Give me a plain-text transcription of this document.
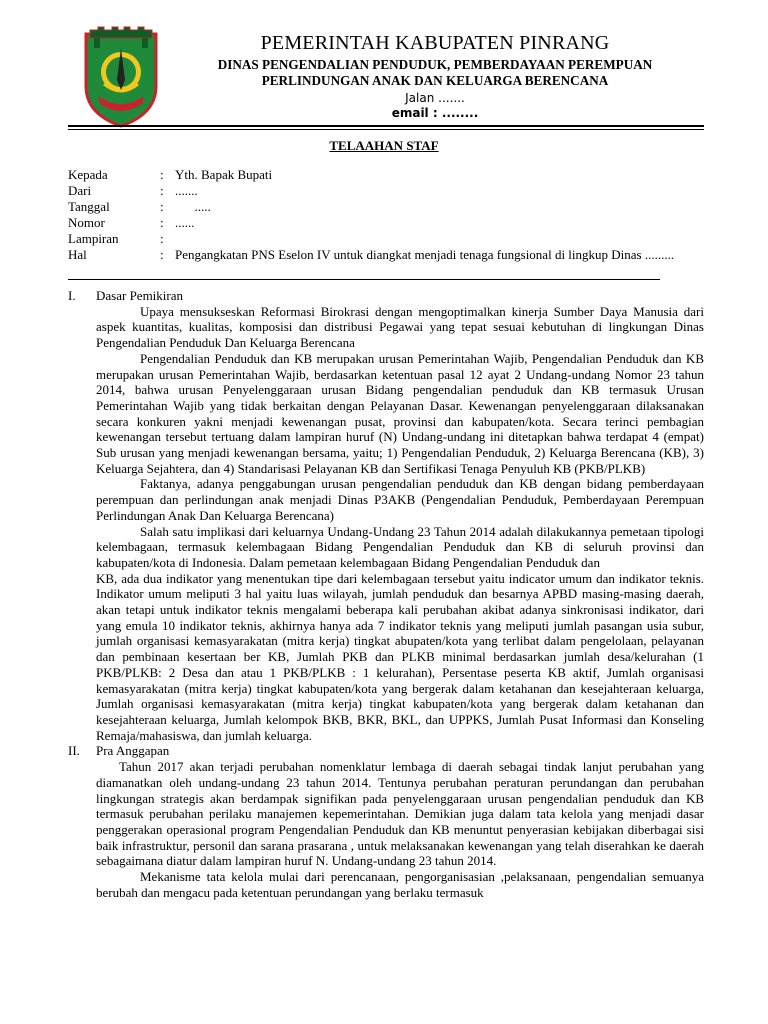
PEMERINTAH KABUPATEN PINRANG
DINAS PENGENDALIAN PENDUDUK, PEMBERDAYAAN PEREMPUAN
PERLINDUNGAN ANAK DAN KELUARGA BERENCANA
Jalan .......
email : ........
TELAAHAN STAF
Kepada	: Yth. Bapak Bupati
Dari	: .......
Tanggal	: .....
Nomor	: ......
Lampiran	:
Hal	: Pengangkatan PNS Eselon IV untuk diangkat menjadi tenaga fungsional di lingkup Dinas .........
I.	Dasar Pemikiran

Upaya mensukseskan Reformasi Birokrasi dengan mengoptimalkan kinerja Sumber Daya Manusia dari aspek kuantitas, kualitas, komposisi dan distribusi Pegawai yang tepat sesuai kebutuhan di lingkungan Dinas Pengendalian Penduduk Dan Keluarga Berencana

Pengendalian Penduduk dan KB merupakan urusan Pemerintahan Wajib, Pengendalian Penduduk dan KB merupakan urusan Pemerintahan Wajib, berdasarkan ketentuan pasal 12 ayat 2 Undang-undang Nomor 23 tahun 2014, bahwa urusan Penyelenggaraan urusan Bidang pengendalian penduduk dan KB termasuk Urusan Pemerintahan Wajib yang tidak berkaitan dengan Pelayanan Dasar. Kewenangan penyelenggaraan dilaksanakan secara konkuren yakni menjadi kewenangan pusat, provinsi dan kabupaten/kota. Secara terinci pembagian kewenangan tersebut tertuang dalam lampiran huruf (N) Undang-undang ini ditetapkan bahwa terdapat 4 (empat) Sub urusan yang menjadi kewenangan bersama, yaitu; 1) Pengendalian Penduduk, 2) Keluarga Berencana (KB), 3) Keluarga Sejahtera, dan 4) Standarisasi Pelayanan KB dan Sertifikasi Tenaga Penyuluh KB (PKB/PLKB)

Faktanya, adanya penggabungan urusan pengendalian penduduk dan KB dengan bidang pemberdayaan perempuan dan perlindungan anak menjadi Dinas P3AKB (Pengendalian Penduduk, Pemberdayaan Perempuan Perlindungan Anak Dan Keluarga Berencana)

Salah satu implikasi dari keluarnya Undang-Undang 23 Tahun 2014 adalah dilakukannya pemetaan tipologi kelembagaan, termasuk kelembagaan Bidang Pengendalian Penduduk dan KB di seluruh provinsi dan kabupaten/kota di Indonesia. Dalam pemetaan kelembagaan Bidang Pengendalian Penduduk dan

KB, ada dua indikator yang menentukan tipe dari kelembagaan tersebut yaitu indicator umum dan indikator teknis. Indikator umum meliputi 3 hal yaitu luas wilayah, jumlah penduduk dan besarnya APBD masing-masing daerah, akan tetapi untuk indikator teknis mengalami beberapa kali perubahan akibat adanya sinkronisasi indikator, dari yang emula 10 indikator teknis, akhirnya hanya ada 7 indikator teknis yang meliputi jumlah pasangan usia subur, jumlah organisasi kemasyarakatan (mitra kerja) tingkat abupaten/kota yang terlibat dalam pengelolaan, pelayanan dan pembinaan kesertaan ber KB, Jumlah PKB dan PLKB minimal berdasarkan jumlah desa/kelurahan (1 PKB/PLKB: 2 Desa dan atau 1 PKB/PLKB : 1 kelurahan), Persentase peserta KB aktif, Jumlah organisasi kemasyarakatan (mitra kerja) tingkat kabupaten/kota yang bergerak dalam ketahanan dan kesejahteraan keluarga, Jumlah organisasi kemasyarakatan (mitra kerja) tingkat kabupaten/kota yang bergerak dalam ketahanan dan kesejahteraan keluarga, Jumlah kelompok BKB, BKR, BKL, dan UPPKS, Jumlah Pusat Informasi dan Konseling Remaja/mahasiswa, dan jumlah keluarga.

II.	Pra Anggapan

Tahun 2017 akan terjadi perubahan nomenklatur lembaga di daerah sebagai tindak lanjut perubahan yang diamanatkan oleh undang-undang 23 tahun 2014. Tentunya perubahan peraturan perundangan dan perubahan lingkungan strategis akan berdampak signifikan pada penyelenggaraan urusan pengendalian penduduk dan KB termasuk perubahan perilaku manajemen kepemerintahan. Demikian juga dalam tata kelola yang menjadi dasar penggerakan operasional program Pengendalian Penduduk dan KB menuntut penyerasian kebijakan diberbagai sisi baik infrastruktur, personil dan sarana prasarana , untuk melaksanakan kewenangan yang telah diserahkan ke daerah sebagaimana diatur dalam lampiran huruf N. Undang-undang 23 tahun 2014.

Mekanisme tata kelola mulai dari perencanaan, pengorganisasian ,pelaksanaan, pengendalian semuanya berubah dan mengacu pada ketentuan perundangan yang berlaku termasuk
